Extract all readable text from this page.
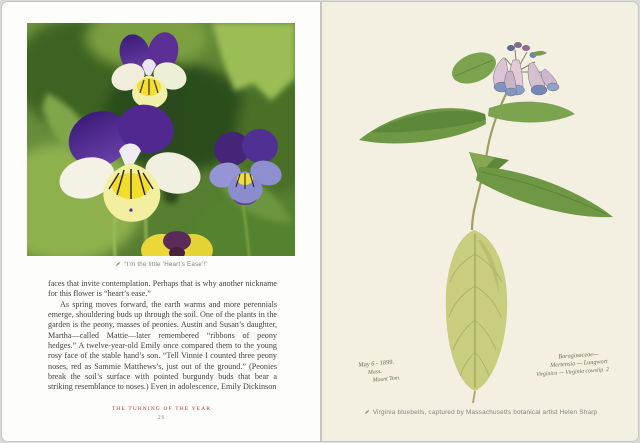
“I’m the little ‘Heart’s Ease’!”

faces that invite contemplation. Perhaps that is why another nickname for this flower is “heart’s ease.”

As spring moves forward, the earth warms and more perennials emerge, shouldering buds up through the soil. One of the plants in the garden is the peony, masses of peonies. Austin and Susan’s daughter, Martha—called Mattie—later remembered “ribbons of peony hedges.” A twelve-year-old Emily once compared them to the young rosy face of the stable hand’s son. “Tell Vinnie I counted three peony noses, red as Sammie Matthews’s, just out of the ground.” (Peonies break the soil’s surface with pointed burgundy buds that bear a striking resemblance to noses.) Even in adolescence, Emily Dickinson

THE TURNING OF THE YEAR
26
May 6 - 1899.
Mass.
Mount Tom.
Boraginaceae—
Mertensia — Lungwort
Virginica — Virginia cowslip. 2
Virginia bluebells, captured by Massachusetts botanical artist Helen Sharp
